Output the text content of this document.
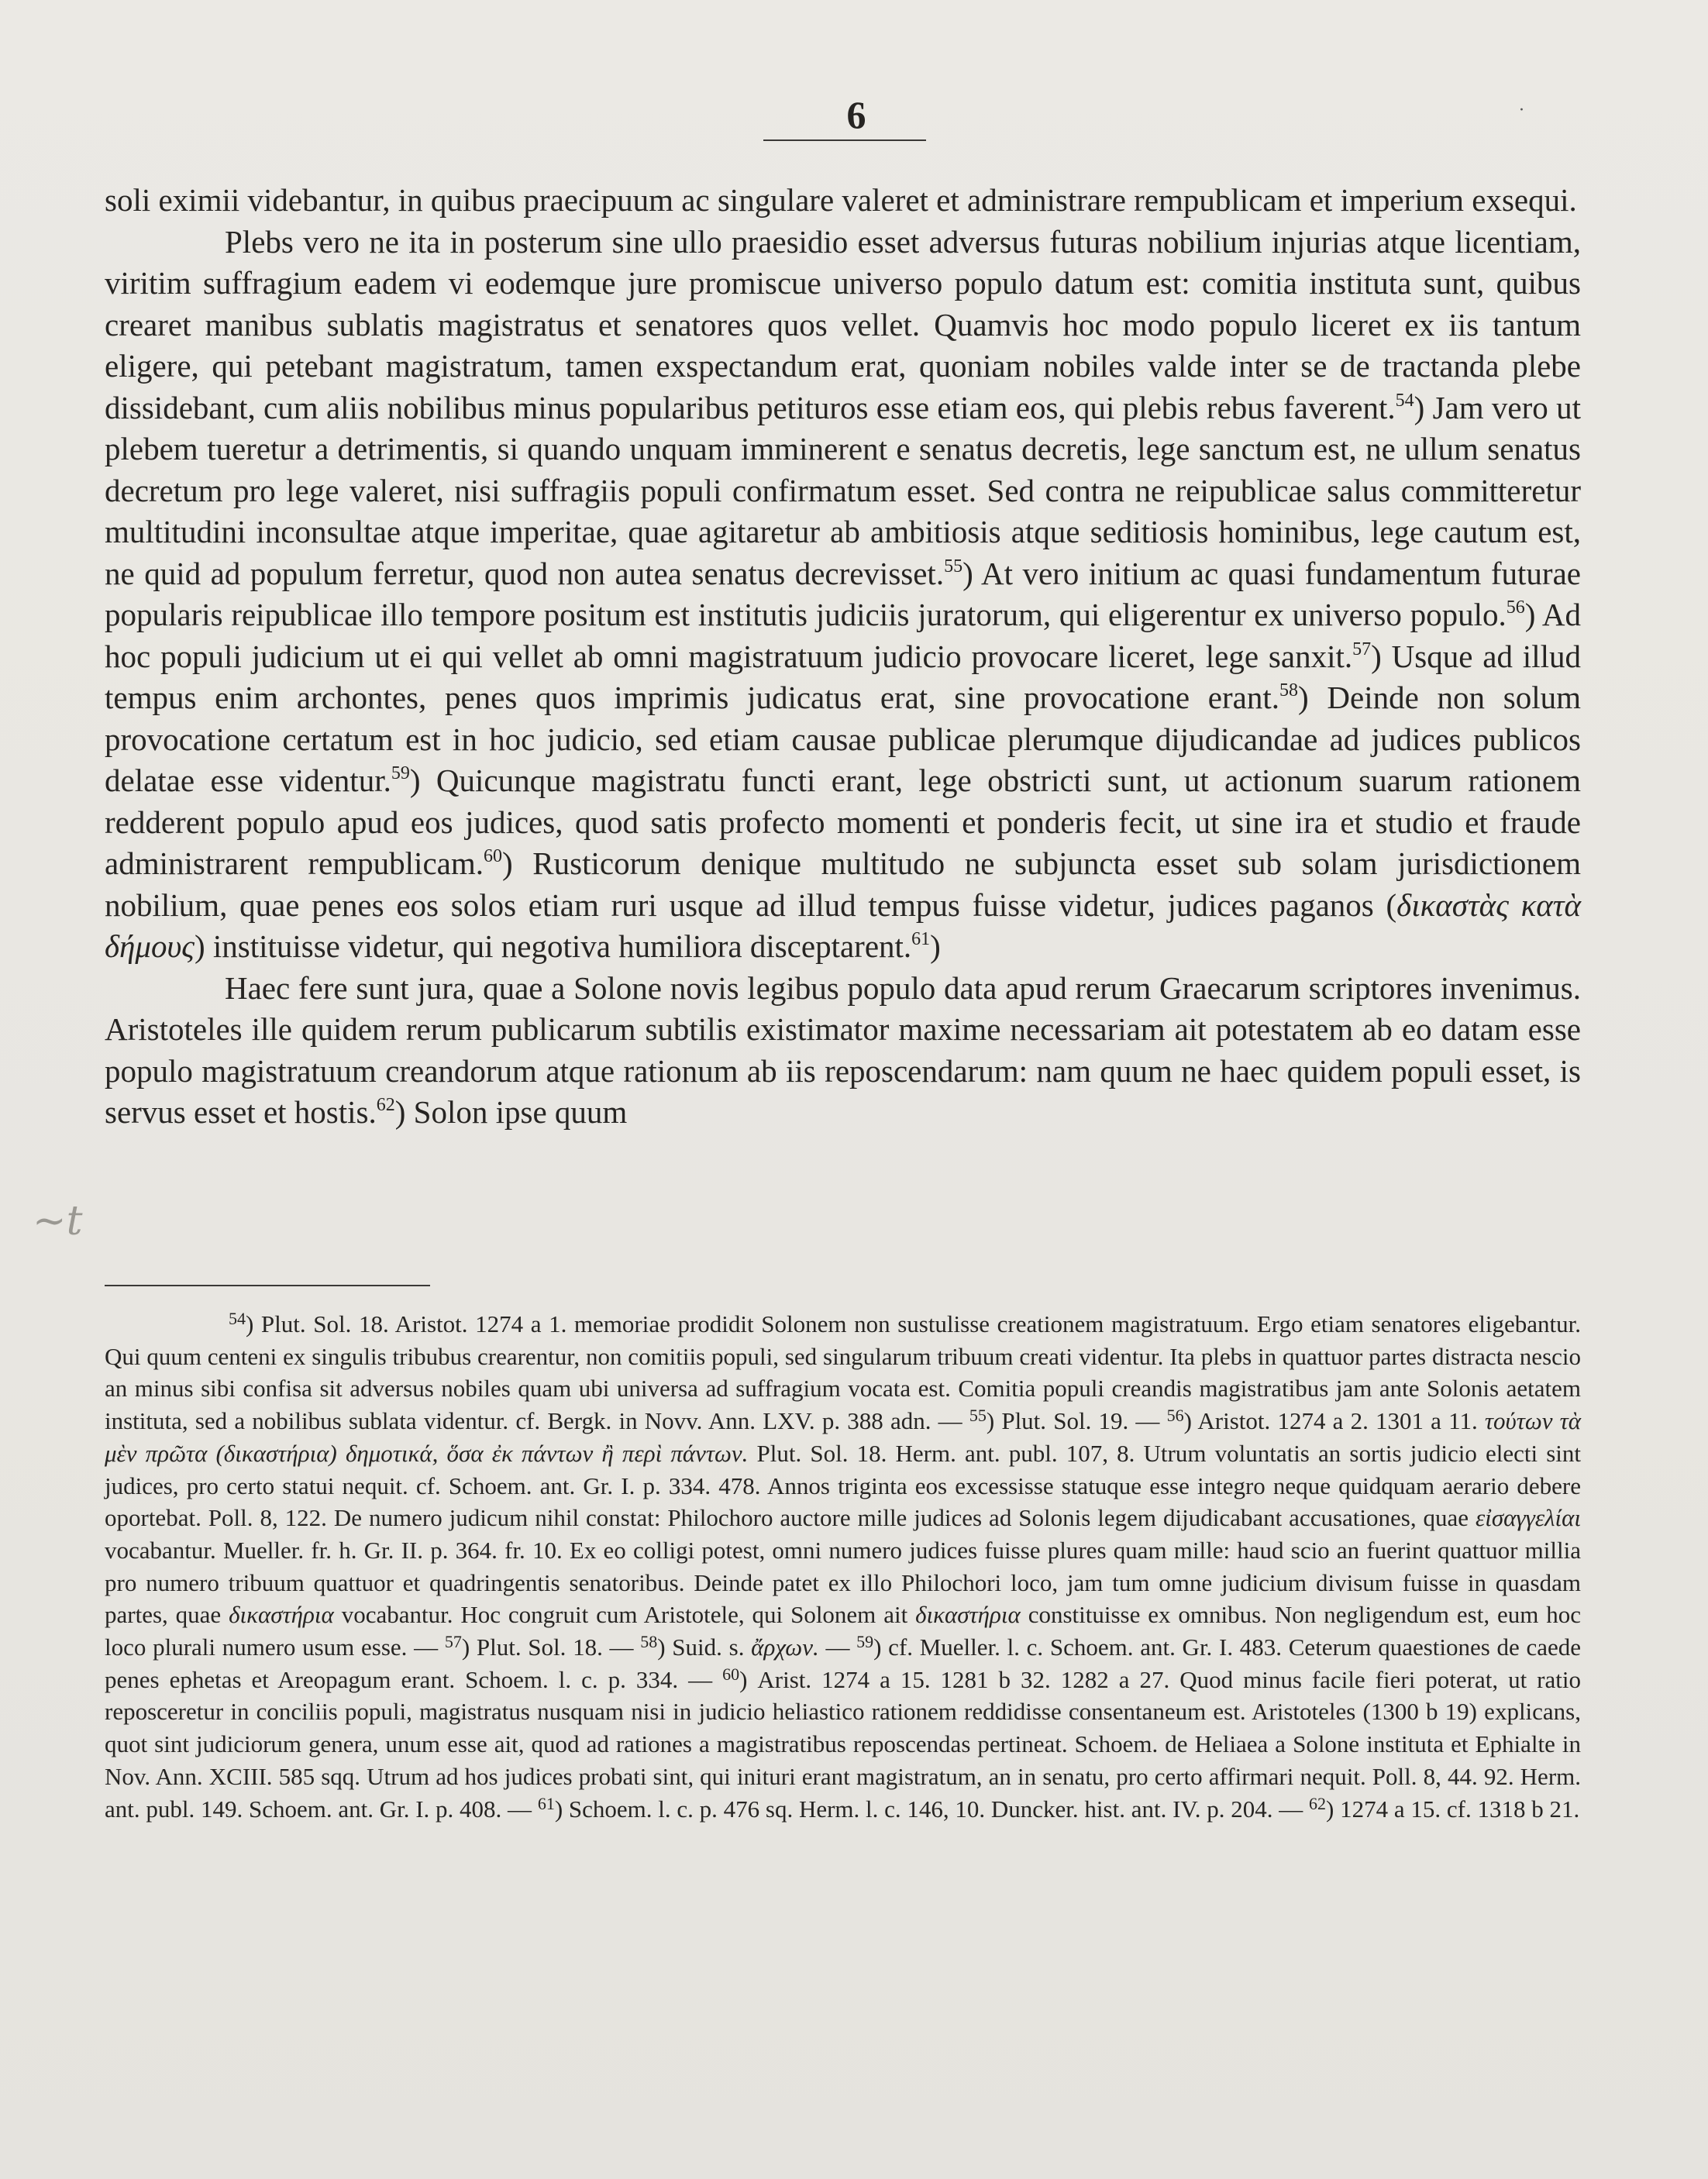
6	·

soli eximii videbantur, in quibus praecipuum ac singulare valeret et administrare rempublicam et imperium exsequi.

Plebs vero ne ita in posterum sine ullo praesidio esset adversus futuras nobilium injurias atque licentiam, viritim suffragium eadem vi eodemque jure promiscue universo populo datum est: comitia instituta sunt, quibus crearet manibus sublatis magistratus et senatores quos vellet. Quamvis hoc modo populo liceret ex iis tantum eligere, qui petebant magistratum, tamen exspectandum erat, quoniam nobiles valde inter se de tractanda plebe dissidebant, cum aliis nobilibus minus popularibus petituros esse etiam eos, qui plebis rebus faverent.$^{54}$) Jam vero ut plebem tueretur a detrimentis, si quando unquam imminerent e senatus decretis, lege sanctum est, ne ullum senatus decretum pro lege valeret, nisi suffragiis populi confirmatum esset. Sed contra ne reipublicae salus committeretur multitudini inconsultae atque imperitae, quae agitaretur ab ambitiosis atque seditiosis hominibus, lege cautum est, ne quid ad populum ferretur, quod non autea senatus decrevisset.$^{55}$) At vero initium ac quasi fundamentum futurae popularis reipublicae illo tempore positum est institutis judiciis juratorum, qui eligerentur ex universo populo.$^{56}$) Ad hoc populi judicium ut ei qui vellet ab omni magistratuum judicio provocare liceret, lege sanxit.$^{57}$) Usque ad illud tempus enim archontes, penes quos imprimis judicatus erat, sine provocatione erant.$^{58}$) Deinde non solum provocatione certatum est in hoc judicio, sed etiam causae publicae plerumque dijudicandae ad judices publicos delatae esse videntur.$^{59}$) Quicunque magistratu functi erant, lege obstricti sunt, ut actionum suarum rationem redderent populo apud eos judices, quod satis profecto momenti et ponderis fecit, ut sine ira et studio et fraude administrarent rempublicam.$^{60}$) Rusticorum denique multitudo ne subjuncta esset sub solam jurisdictionem nobilium, quae penes eos solos etiam ruri usque ad illud tempus fuisse videtur, judices paganos (δικαστὰς κατὰ δήμους) instituisse videtur, qui negotiva humiliora disceptarent.$^{61}$)

Haec fere sunt jura, quae a Solone novis legibus populo data apud rerum Graecarum scriptores invenimus. Aristoteles ille quidem rerum publicarum subtilis existimator maxime necessariam ait potestatem ab eo datam esse populo magistratuum creandorum atque rationum ab iis reposcendarum: nam quum ne haec quidem populi esset, is servus esset et hostis.$^{62}$) Solon ipse quum

~t

$^{54}$) Plut. Sol. 18. Aristot. 1274 a 1. memoriae prodidit Solonem non sustulisse creationem magistratuum. Ergo etiam senatores eligebantur. Qui quum centeni ex singulis tribubus crearentur, non comitiis populi, sed singularum tribuum creati videntur. Ita plebs in quattuor partes distracta nescio an minus sibi confisa sit adversus nobiles quam ubi universa ad suffragium vocata est. Comitia populi creandis magistratibus jam ante Solonis aetatem instituta, sed a nobilibus sublata videntur. cf. Bergk. in Novv. Ann. LXV. p. 388 adn. — $^{55}$) Plut. Sol. 19. — $^{56}$) Aristot. 1274 a 2. 1301 a 11. τούτων τὰ μὲν πρῶτα (δικαστήρια) δημοτικά, ὅσα ἐκ πάντων ἢ περὶ πάντων. Plut. Sol. 18. Herm. ant. publ. 107, 8. Utrum voluntatis an sortis judicio electi sint judices, pro certo statui nequit. cf. Schoem. ant. Gr. I. p. 334. 478. Annos triginta eos excessisse statuque esse integro neque quidquam aerario debere oportebat. Poll. 8, 122. De numero judicum nihil constat: Philochoro auctore mille judices ad Solonis legem dijudicabant accusationes, quae εἰσαγγελίαι vocabantur. Mueller. fr. h. Gr. II. p. 364. fr. 10. Ex eo colligi potest, omni numero judices fuisse plures quam mille: haud scio an fuerint quattuor millia pro numero tribuum quattuor et quadringentis senatoribus. Deinde patet ex illo Philochori loco, jam tum omne judicium divisum fuisse in quasdam partes, quae δικαστήρια vocabantur. Hoc congruit cum Aristotele, qui Solonem ait δικαστήρια constituisse ex omnibus. Non negligendum est, eum hoc loco plurali numero usum esse. — $^{57}$) Plut. Sol. 18. — $^{58}$) Suid. s. ἄρχων. — $^{59}$) cf. Mueller. l. c. Schoem. ant. Gr. I. 483. Ceterum quaestiones de caede penes ephetas et Areopagum erant. Schoem. l. c. p. 334. — $^{60}$) Arist. 1274 a 15. 1281 b 32. 1282 a 27. Quod minus facile fieri poterat, ut ratio reposceretur in conciliis populi, magistratus nusquam nisi in judicio heliastico rationem reddidisse consentaneum est. Aristoteles (1300 b 19) explicans, quot sint judiciorum genera, unum esse ait, quod ad rationes a magistratibus reposcendas pertineat. Schoem. de Heliaea a Solone instituta et Ephialte in Nov. Ann. XCIII. 585 sqq. Utrum ad hos judices probati sint, qui inituri erant magistratum, an in senatu, pro certo affirmari nequit. Poll. 8, 44. 92. Herm. ant. publ. 149. Schoem. ant. Gr. I. p. 408. — $^{61}$) Schoem. l. c. p. 476 sq. Herm. l. c. 146, 10. Duncker. hist. ant. IV. p. 204. — $^{62}$) 1274 a 15. cf. 1318 b 21.
